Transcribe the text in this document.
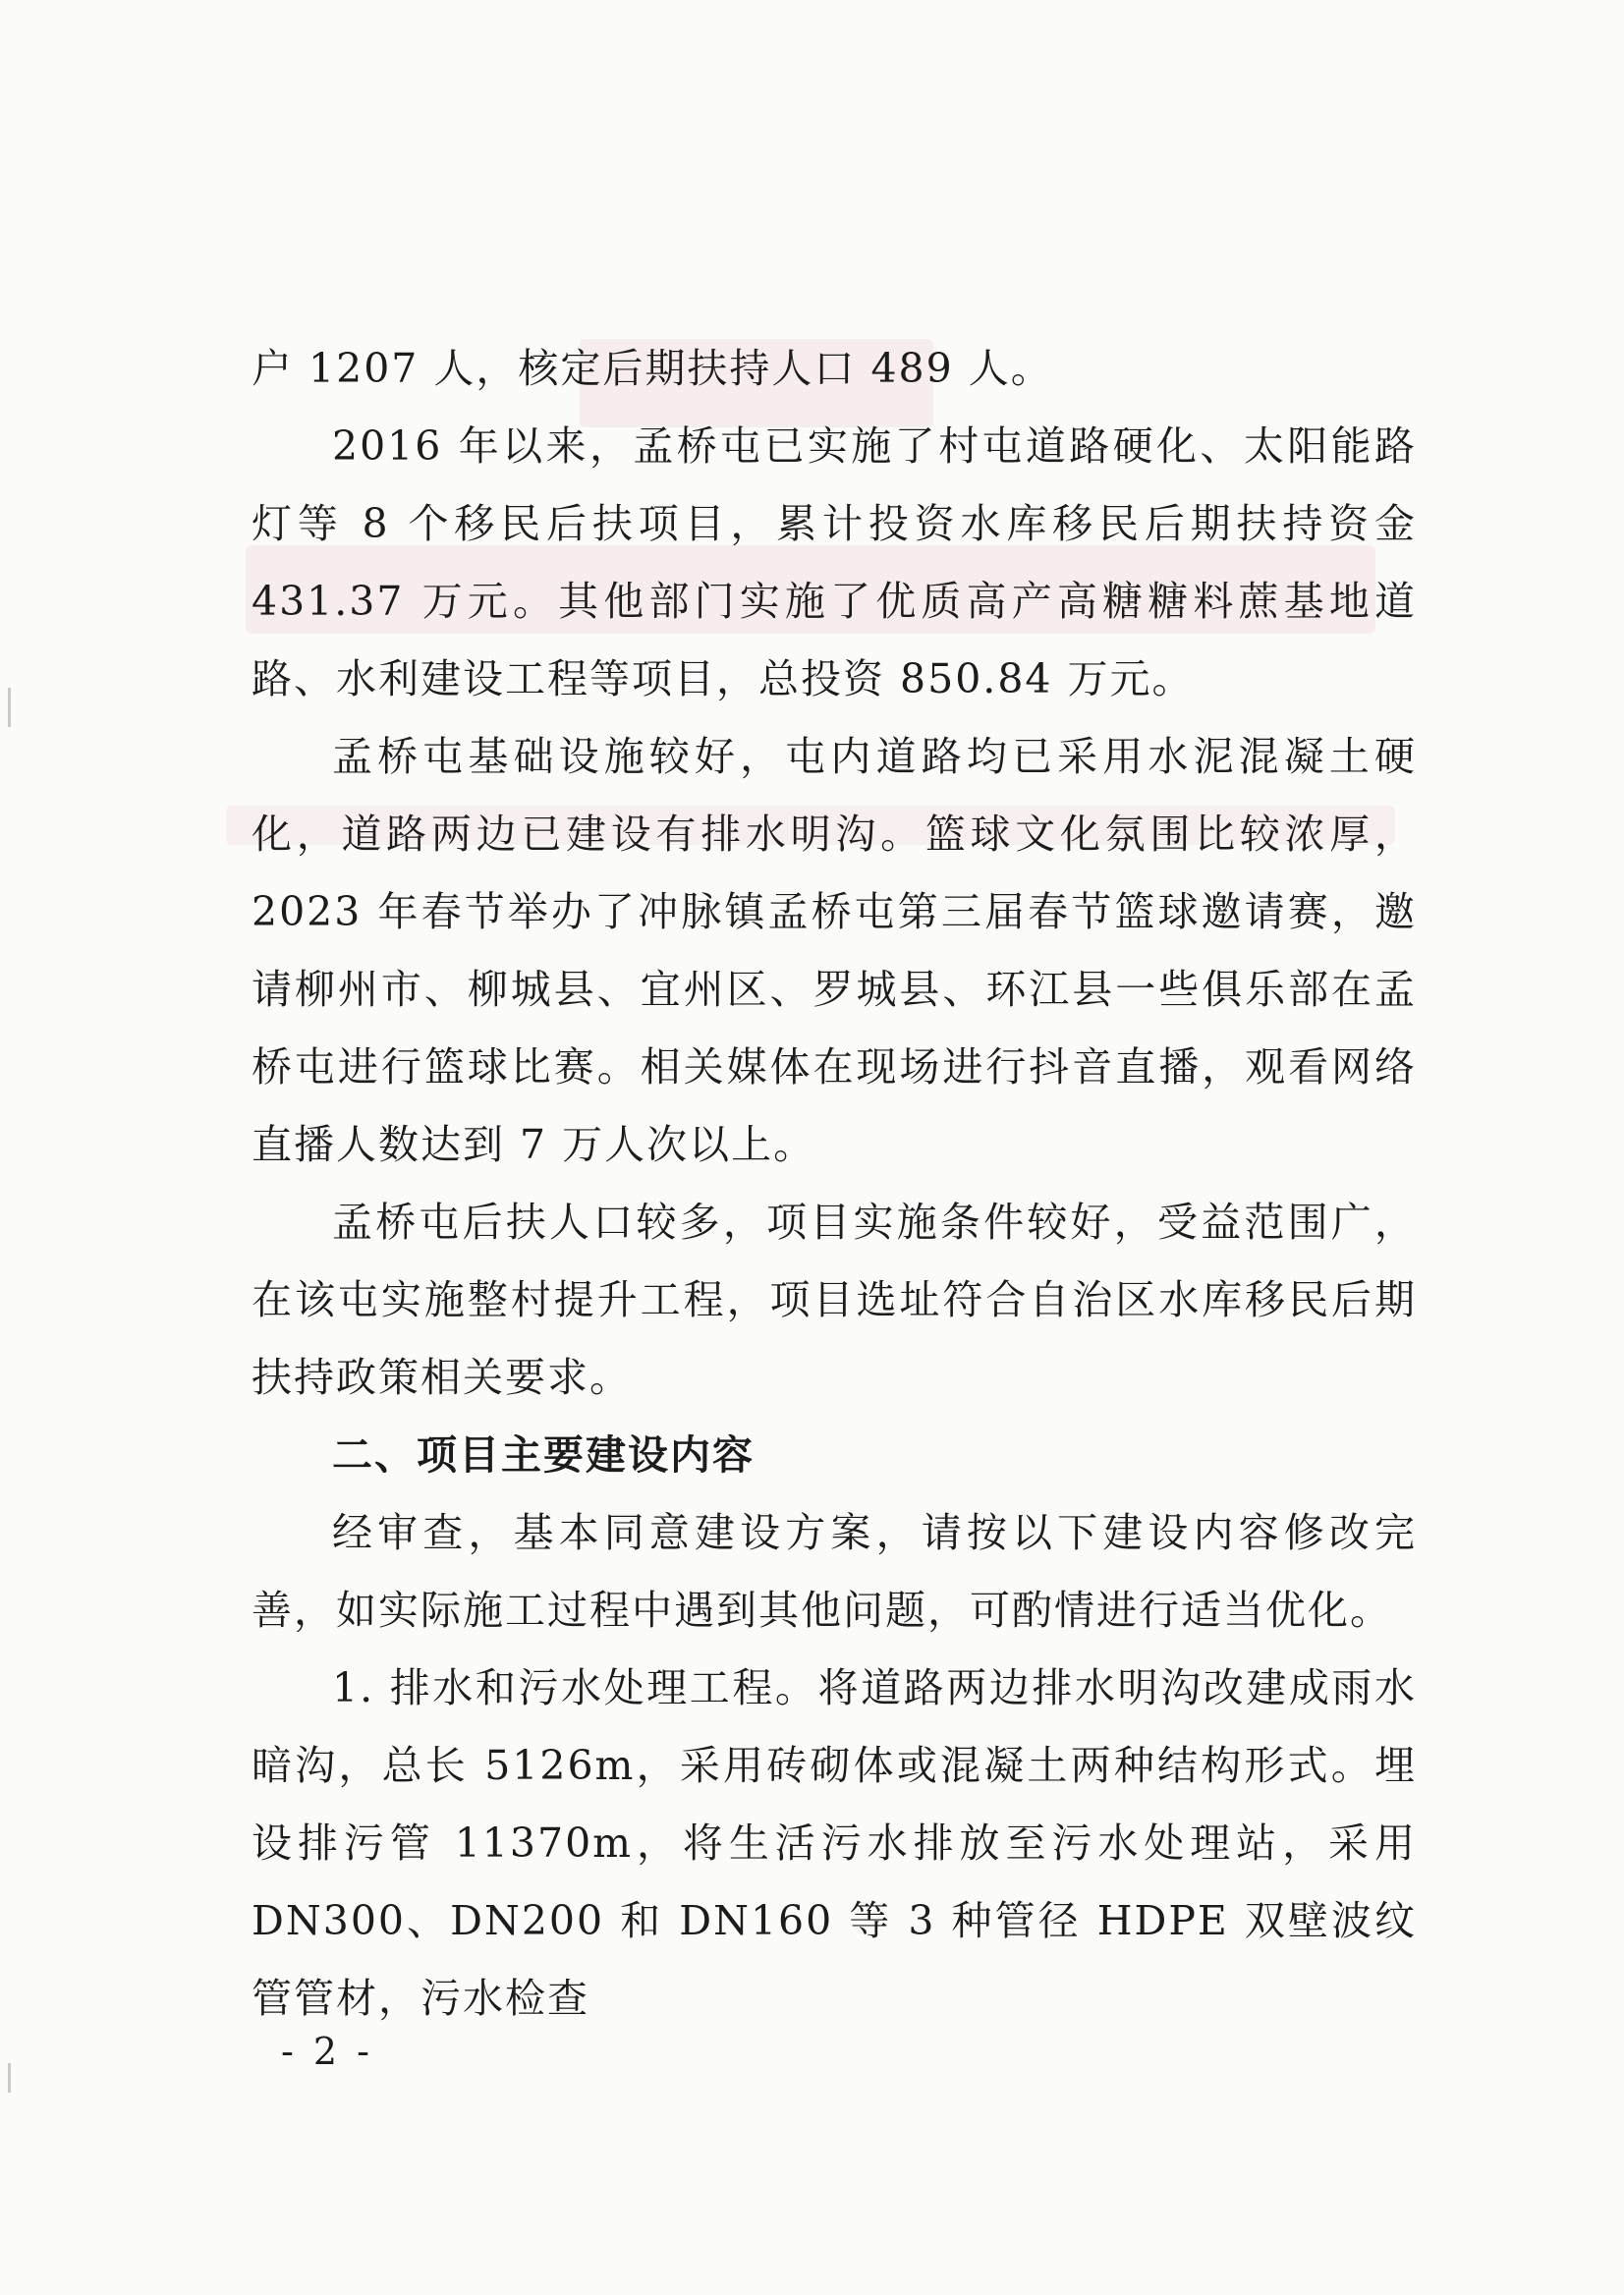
户 1207 人，核定后期扶持人口 489 人。

2016 年以来，孟桥屯已实施了村屯道路硬化、太阳能路灯等 8 个移民后扶项目，累计投资水库移民后期扶持资金 431.37 万元。其他部门实施了优质高产高糖糖料蔗基地道路、水利建设工程等项目，总投资 850.84 万元。

孟桥屯基础设施较好，屯内道路均已采用水泥混凝土硬化，道路两边已建设有排水明沟。篮球文化氛围比较浓厚，2023 年春节举办了冲脉镇孟桥屯第三届春节篮球邀请赛，邀请柳州市、柳城县、宜州区、罗城县、环江县一些俱乐部在孟桥屯进行篮球比赛。相关媒体在现场进行抖音直播，观看网络直播人数达到 7 万人次以上。

孟桥屯后扶人口较多，项目实施条件较好，受益范围广，在该屯实施整村提升工程，项目选址符合自治区水库移民后期扶持政策相关要求。

二、项目主要建设内容

经审查，基本同意建设方案，请按以下建设内容修改完善，如实际施工过程中遇到其他问题，可酌情进行适当优化。

1. 排水和污水处理工程。将道路两边排水明沟改建成雨水暗沟，总长 5126m，采用砖砌体或混凝土两种结构形式。埋设排污管 11370m，将生活污水排放至污水处理站，采用 DN300、DN200 和 DN160 等 3 种管径 HDPE 双壁波纹管管材，污水检查

- 2 -
